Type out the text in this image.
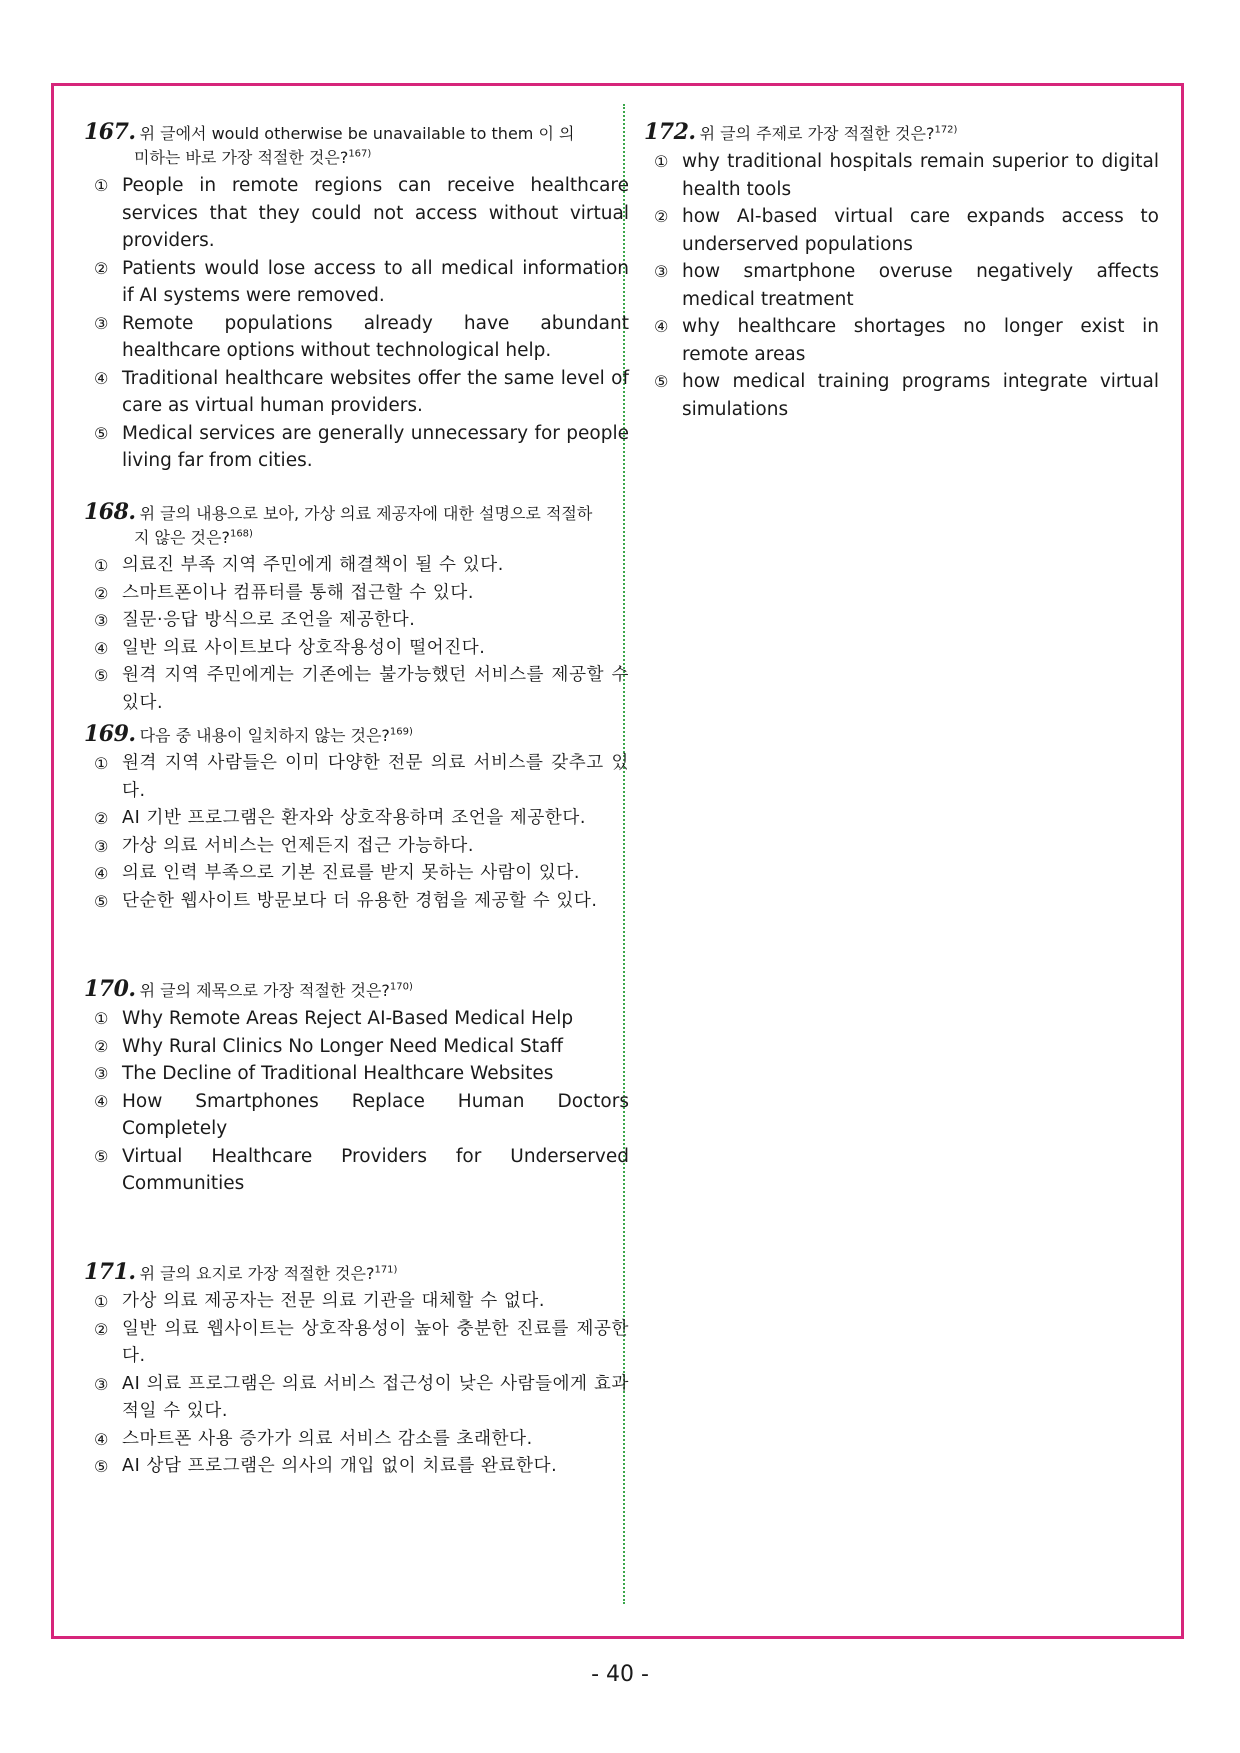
167. 위 글에서 would otherwise be unavailable to them 이 의
미하는 바로 가장 적절한 것은?$^{167)}$
① People in remote regions can receive healthcare services that they could not access without virtual providers.
② Patients would lose access to all medical information if AI systems were removed.
③ Remote populations already have abundant healthcare options without technological help.
④ Traditional healthcare websites offer the same level of care as virtual human providers.
⑤ Medical services are generally unnecessary for people living far from cities.
168. 위 글의 내용으로 보아, 가상 의료 제공자에 대한 설명으로 적절하
지 않은 것은?$^{168)}$
① 의료진 부족 지역 주민에게 해결책이 될 수 있다.
② 스마트폰이나 컴퓨터를 통해 접근할 수 있다.
③ 질문·응답 방식으로 조언을 제공한다.
④ 일반 의료 사이트보다 상호작용성이 떨어진다.
⑤ 원격 지역 주민에게는 기존에는 불가능했던 서비스를 제공할 수 있다.
169. 다음 중 내용이 일치하지 않는 것은?$^{169)}$
① 원격 지역 사람들은 이미 다양한 전문 의료 서비스를 갖추고 있다.
② AI 기반 프로그램은 환자와 상호작용하며 조언을 제공한다.
③ 가상 의료 서비스는 언제든지 접근 가능하다.
④ 의료 인력 부족으로 기본 진료를 받지 못하는 사람이 있다.
⑤ 단순한 웹사이트 방문보다 더 유용한 경험을 제공할 수 있다.
170. 위 글의 제목으로 가장 적절한 것은?$^{170)}$
① Why Remote Areas Reject AI-Based Medical Help
② Why Rural Clinics No Longer Need Medical Staff
③ The Decline of Traditional Healthcare Websites
④ How Smartphones Replace Human Doctors Completely
⑤ Virtual Healthcare Providers for Underserved Communities
171. 위 글의 요지로 가장 적절한 것은?$^{171)}$
① 가상 의료 제공자는 전문 의료 기관을 대체할 수 없다.
② 일반 의료 웹사이트는 상호작용성이 높아 충분한 진료를 제공한다.
③ AI 의료 프로그램은 의료 서비스 접근성이 낮은 사람들에게 효과적일 수 있다.
④ 스마트폰 사용 증가가 의료 서비스 감소를 초래한다.
⑤ AI 상담 프로그램은 의사의 개입 없이 치료를 완료한다.
172. 위 글의 주제로 가장 적절한 것은?$^{172)}$
① why traditional hospitals remain superior to digital health tools
② how AI-based virtual care expands access to underserved populations
③ how smartphone overuse negatively affects medical treatment
④ why healthcare shortages no longer exist in remote areas
⑤ how medical training programs integrate virtual simulations
- 40 -
